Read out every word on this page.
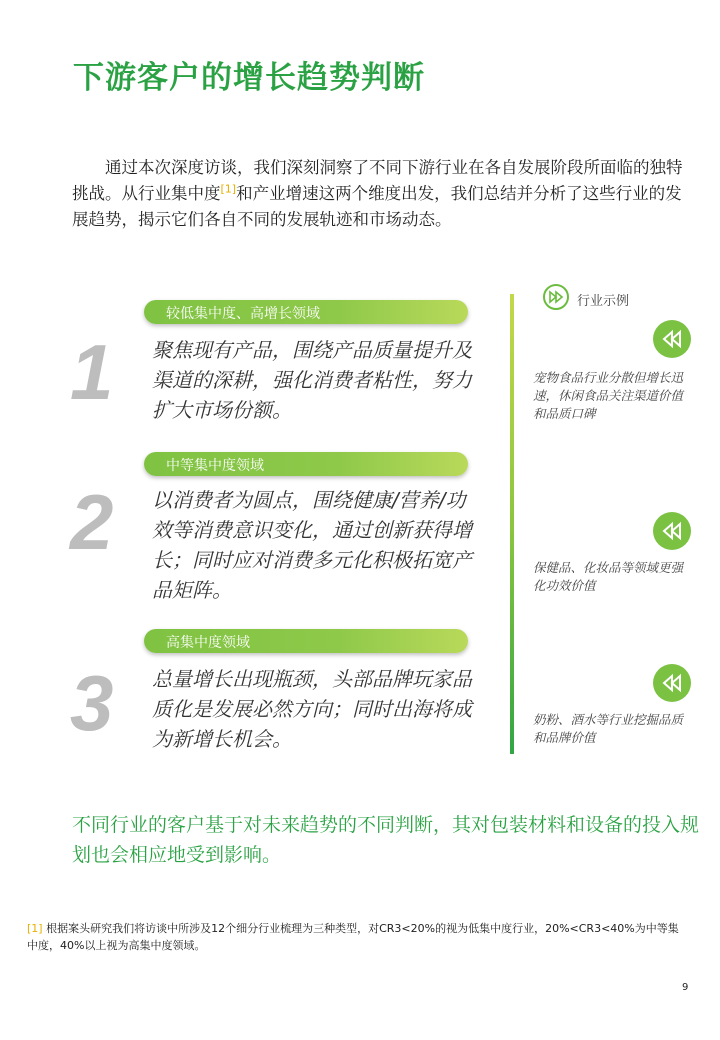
下游客户的增长趋势判断
通过本次深度访谈，我们深刻洞察了不同下游行业在各自发展阶段所面临的独特挑战。从行业集中度[1]和产业增速这两个维度出发，我们总结并分析了这些行业的发展趋势，揭示它们各自不同的发展轨迹和市场动态。
较低集中度、高增长领域
1 聚焦现有产品，围绕产品质量提升及渠道的深耕，强化消费者粘性，努力扩大市场份额。
中等集中度领域
2 以消费者为圆点，围绕健康/营养/功效等消费意识变化，通过创新获得增长；同时应对消费多元化积极拓宽产品矩阵。
高集中度领域
3 总量增长出现瓶颈，头部品牌玩家品质化是发展必然方向；同时出海将成为新增长机会。
行业示例
宠物食品行业分散但增长迅速，休闲食品关注渠道价值和品质口碑
保健品、化妆品等领域更强化功效价值
奶粉、酒水等行业挖掘品质和品牌价值
不同行业的客户基于对未来趋势的不同判断，其对包装材料和设备的投入规划也会相应地受到影响。
[1] 根据案头研究我们将访谈中所涉及12个细分行业梳理为三种类型，对CR3<20%的视为低集中度行业，20%<CR3<40%为中等集中度，40%以上视为高集中度领域。
9
